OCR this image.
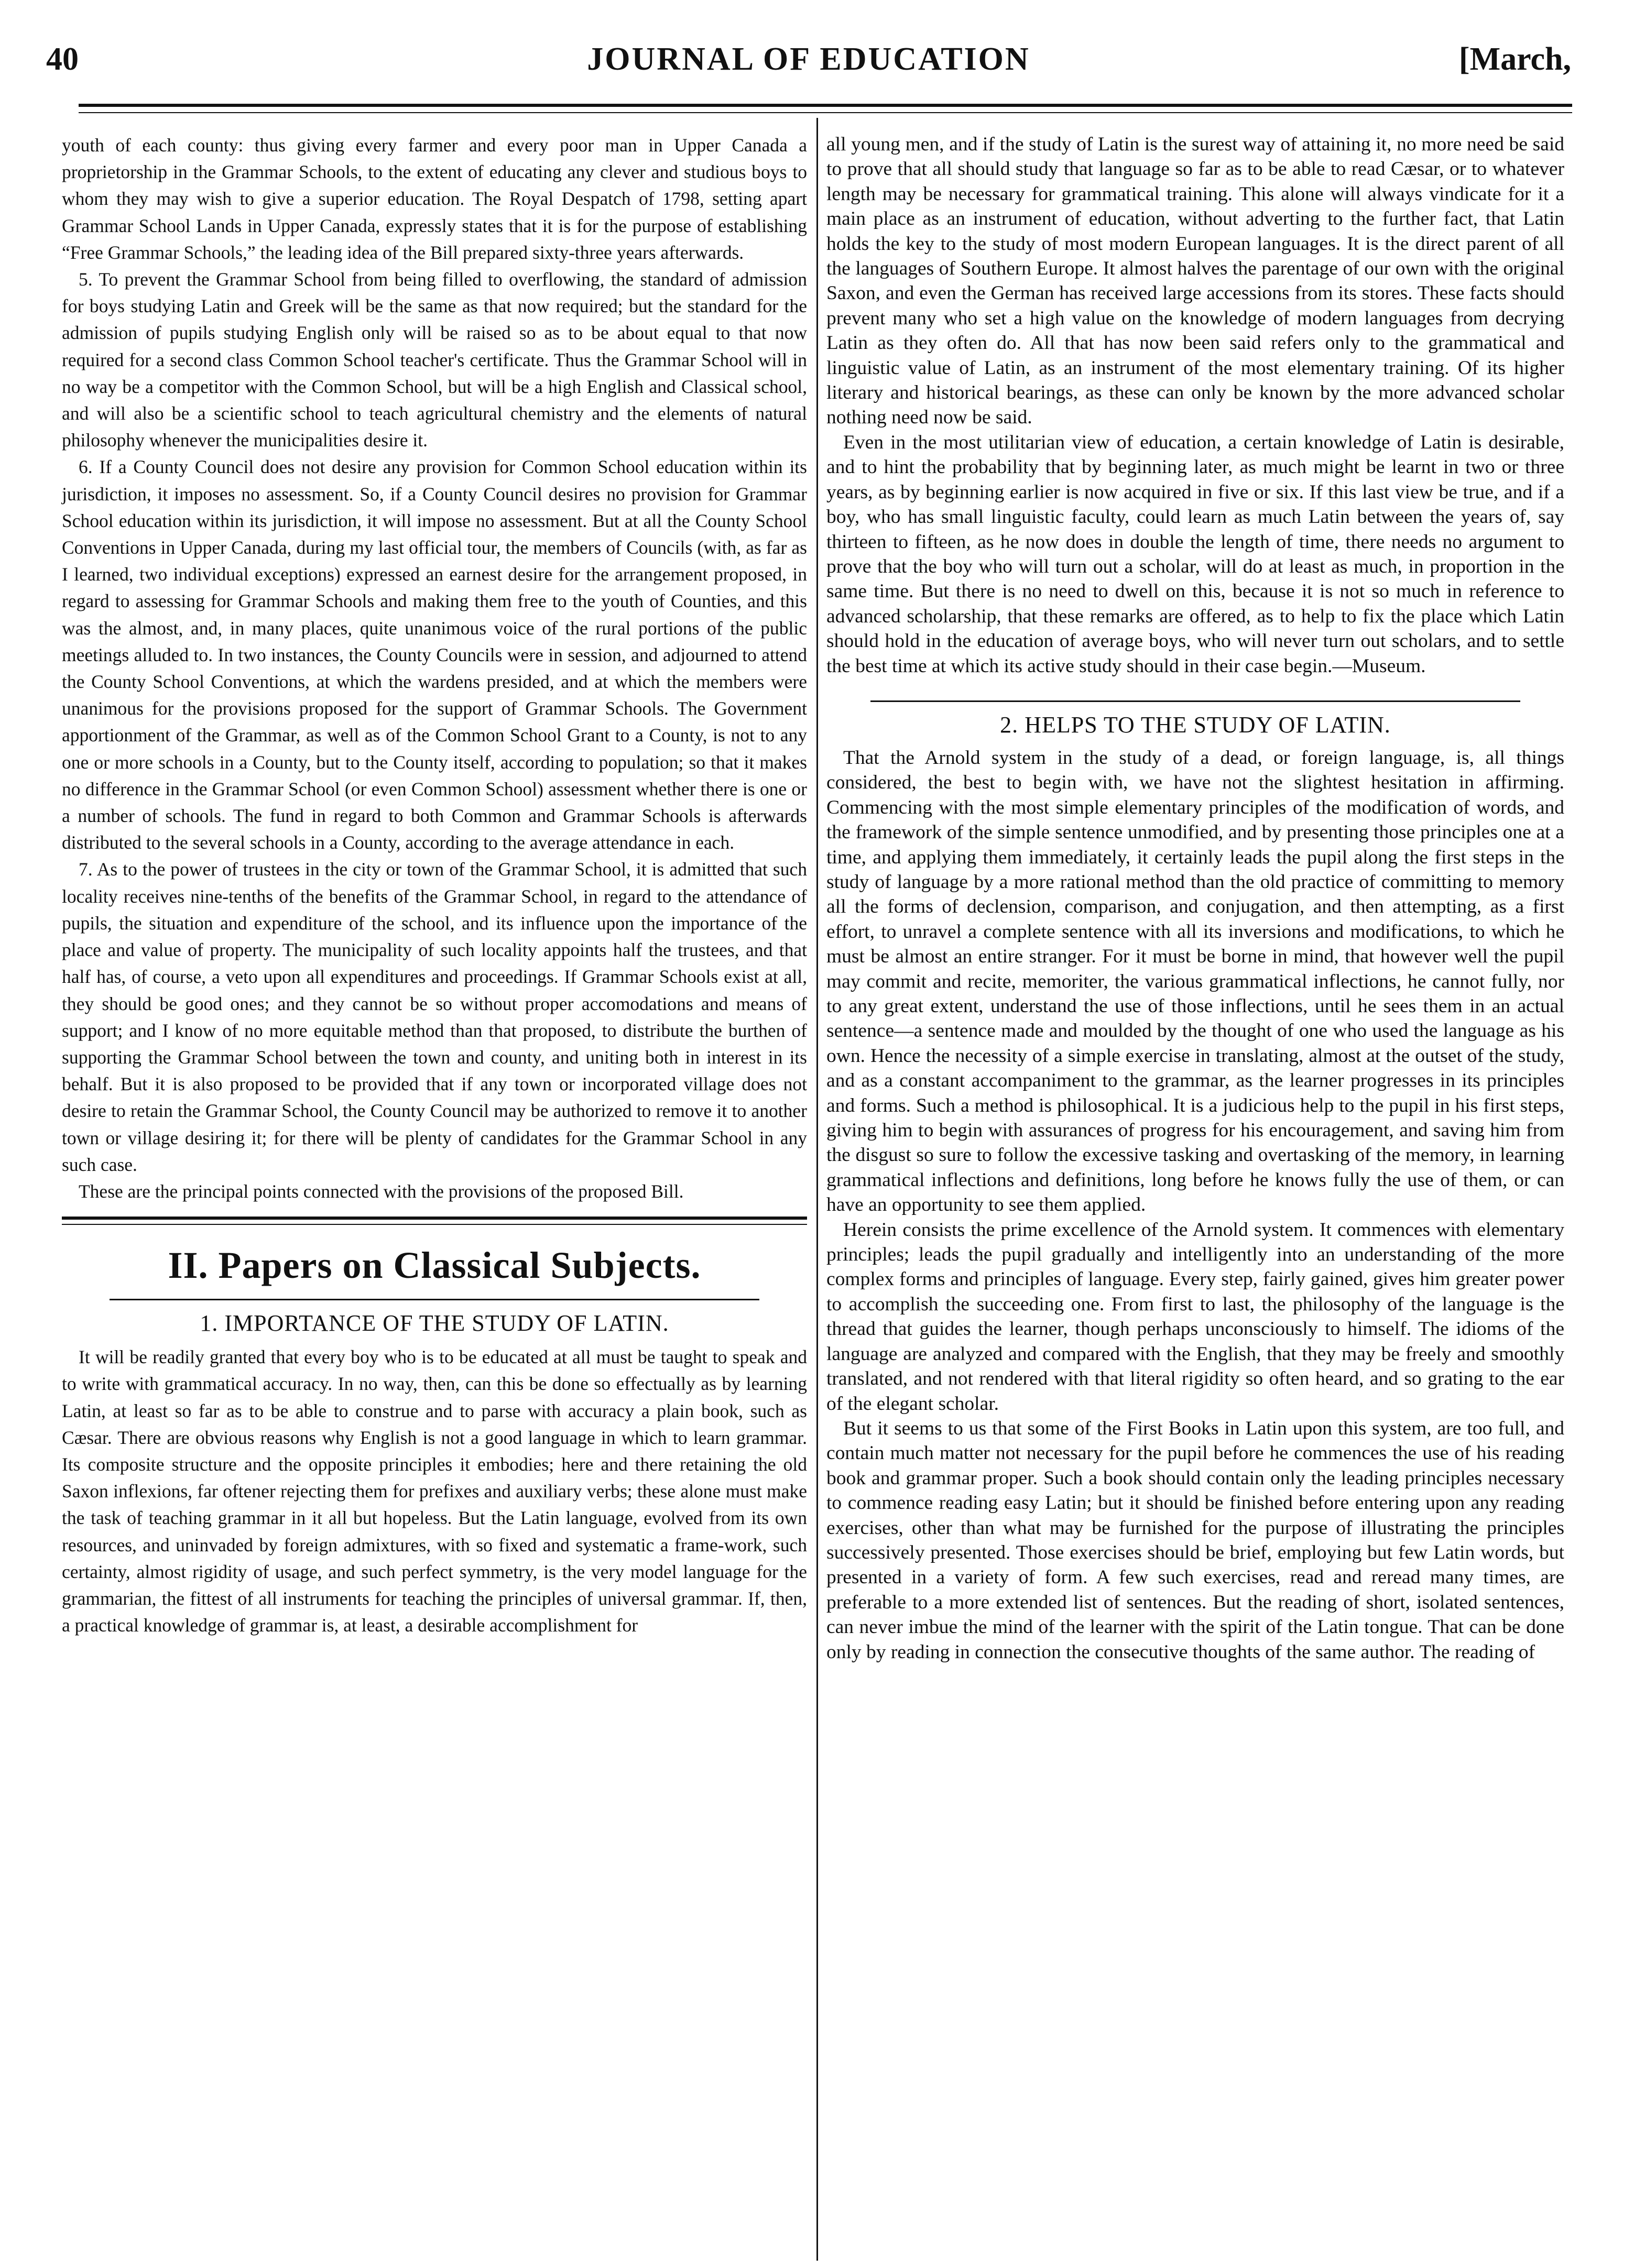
40	JOURNAL OF EDUCATION	[March,

youth of each county: thus giving every farmer and every poor man in Upper Canada a proprietorship in the Grammar Schools, to the extent of educating any clever and studious boys to whom they may wish to give a superior education. The Royal Despatch of 1798, setting apart Grammar School Lands in Upper Canada, expressly states that it is for the purpose of establishing “Free Grammar Schools,” the leading idea of the Bill prepared sixty-three years afterwards.

5. To prevent the Grammar School from being filled to overflowing, the standard of admission for boys studying Latin and Greek will be the same as that now required; but the standard for the admission of pupils studying English only will be raised so as to be about equal to that now required for a second class Common School teacher's certificate. Thus the Grammar School will in no way be a competitor with the Common School, but will be a high English and Classical school, and will also be a scientific school to teach agricultural chemistry and the elements of natural philosophy whenever the municipalities desire it.

6. If a County Council does not desire any provision for Common School education within its jurisdiction, it imposes no assessment. So, if a County Council desires no provision for Grammar School education within its jurisdiction, it will impose no assessment. But at all the County School Conventions in Upper Canada, during my last official tour, the members of Councils (with, as far as I learned, two individual exceptions) expressed an earnest desire for the arrangement proposed, in regard to assessing for Grammar Schools and making them free to the youth of Counties, and this was the almost, and, in many places, quite unanimous voice of the rural portions of the public meetings alluded to. In two instances, the County Councils were in session, and adjourned to attend the County School Conventions, at which the wardens presided, and at which the members were unanimous for the provisions proposed for the support of Grammar Schools. The Government apportionment of the Grammar, as well as of the Common School Grant to a County, is not to any one or more schools in a County, but to the County itself, according to population; so that it makes no difference in the Grammar School (or even Common School) assessment whether there is one or a number of schools. The fund in regard to both Common and Grammar Schools is afterwards distributed to the several schools in a County, according to the average attendance in each.

7. As to the power of trustees in the city or town of the Grammar School, it is admitted that such locality receives nine-tenths of the benefits of the Grammar School, in regard to the attendance of pupils, the situation and expenditure of the school, and its influence upon the importance of the place and value of property. The municipality of such locality appoints half the trustees, and that half has, of course, a veto upon all expenditures and proceedings. If Grammar Schools exist at all, they should be good ones; and they cannot be so without proper accomodations and means of support; and I know of no more equitable method than that proposed, to distribute the burthen of supporting the Grammar School between the town and county, and uniting both in interest in its behalf. But it is also proposed to be provided that if any town or incorporated village does not desire to retain the Grammar School, the County Council may be authorized to remove it to another town or village desiring it; for there will be plenty of candidates for the Grammar School in any such case.

These are the principal points connected with the provisions of the proposed Bill.

II. Papers on Classical Subjects.
1. IMPORTANCE OF THE STUDY OF LATIN.

It will be readily granted that every boy who is to be educated at all must be taught to speak and to write with grammatical accuracy. In no way, then, can this be done so effectually as by learning Latin, at least so far as to be able to construe and to parse with accuracy a plain book, such as Cæsar. There are obvious reasons why English is not a good language in which to learn grammar. Its composite structure and the opposite principles it embodies; here and there retaining the old Saxon inflexions, far oftener rejecting them for prefixes and auxiliary verbs; these alone must make the task of teaching grammar in it all but hopeless. But the Latin language, evolved from its own resources, and uninvaded by foreign admixtures, with so fixed and systematic a frame-work, such certainty, almost rigidity of usage, and such perfect symmetry, is the very model language for the grammarian, the fittest of all instruments for teaching the principles of universal grammar. If, then, a practical knowledge of grammar is, at least, a desirable accomplishment for

all young men, and if the study of Latin is the surest way of attaining it, no more need be said to prove that all should study that language so far as to be able to read Cæsar, or to whatever length may be necessary for grammatical training. This alone will always vindicate for it a main place as an instrument of education, without adverting to the further fact, that Latin holds the key to the study of most modern European languages. It is the direct parent of all the languages of Southern Europe. It almost halves the parentage of our own with the original Saxon, and even the German has received large accessions from its stores. These facts should prevent many who set a high value on the knowledge of modern languages from decrying Latin as they often do. All that has now been said refers only to the grammatical and linguistic value of Latin, as an instrument of the most elementary training. Of its higher literary and historical bearings, as these can only be known by the more advanced scholar nothing need now be said.

Even in the most utilitarian view of education, a certain knowledge of Latin is desirable, and to hint the probability that by beginning later, as much might be learnt in two or three years, as by beginning earlier is now acquired in five or six. If this last view be true, and if a boy, who has small linguistic faculty, could learn as much Latin between the years of, say thirteen to fifteen, as he now does in double the length of time, there needs no argument to prove that the boy who will turn out a scholar, will do at least as much, in proportion in the same time. But there is no need to dwell on this, because it is not so much in reference to advanced scholarship, that these remarks are offered, as to help to fix the place which Latin should hold in the education of average boys, who will never turn out scholars, and to settle the best time at which its active study should in their case begin.—Museum.

2. HELPS TO THE STUDY OF LATIN.

That the Arnold system in the study of a dead, or foreign language, is, all things considered, the best to begin with, we have not the slightest hesitation in affirming. Commencing with the most simple elementary principles of the modification of words, and the framework of the simple sentence unmodified, and by presenting those principles one at a time, and applying them immediately, it certainly leads the pupil along the first steps in the study of language by a more rational method than the old practice of committing to memory all the forms of declension, comparison, and conjugation, and then attempting, as a first effort, to unravel a complete sentence with all its inversions and modifications, to which he must be almost an entire stranger. For it must be borne in mind, that however well the pupil may commit and recite, memoriter, the various grammatical inflections, he cannot fully, nor to any great extent, understand the use of those inflections, until he sees them in an actual sentence—a sentence made and moulded by the thought of one who used the language as his own. Hence the necessity of a simple exercise in translating, almost at the outset of the study, and as a constant accompaniment to the grammar, as the learner progresses in its principles and forms. Such a method is philosophical. It is a judicious help to the pupil in his first steps, giving him to begin with assurances of progress for his encouragement, and saving him from the disgust so sure to follow the excessive tasking and overtasking of the memory, in learning grammatical inflections and definitions, long before he knows fully the use of them, or can have an opportunity to see them applied.

Herein consists the prime excellence of the Arnold system. It commences with elementary principles; leads the pupil gradually and intelligently into an understanding of the more complex forms and principles of language. Every step, fairly gained, gives him greater power to accomplish the succeeding one. From first to last, the philosophy of the language is the thread that guides the learner, though perhaps unconsciously to himself. The idioms of the language are analyzed and compared with the English, that they may be freely and smoothly translated, and not rendered with that literal rigidity so often heard, and so grating to the ear of the elegant scholar.

But it seems to us that some of the First Books in Latin upon this system, are too full, and contain much matter not necessary for the pupil before he commences the use of his reading book and grammar proper. Such a book should contain only the leading principles necessary to commence reading easy Latin; but it should be finished before entering upon any reading exercises, other than what may be furnished for the purpose of illustrating the principles successively presented. Those exercises should be brief, employing but few Latin words, but presented in a variety of form. A few such exercises, read and reread many times, are preferable to a more extended list of sentences. But the reading of short, isolated sentences, can never imbue the mind of the learner with the spirit of the Latin tongue. That can be done only by reading in connection the consecutive thoughts of the same author. The reading of
